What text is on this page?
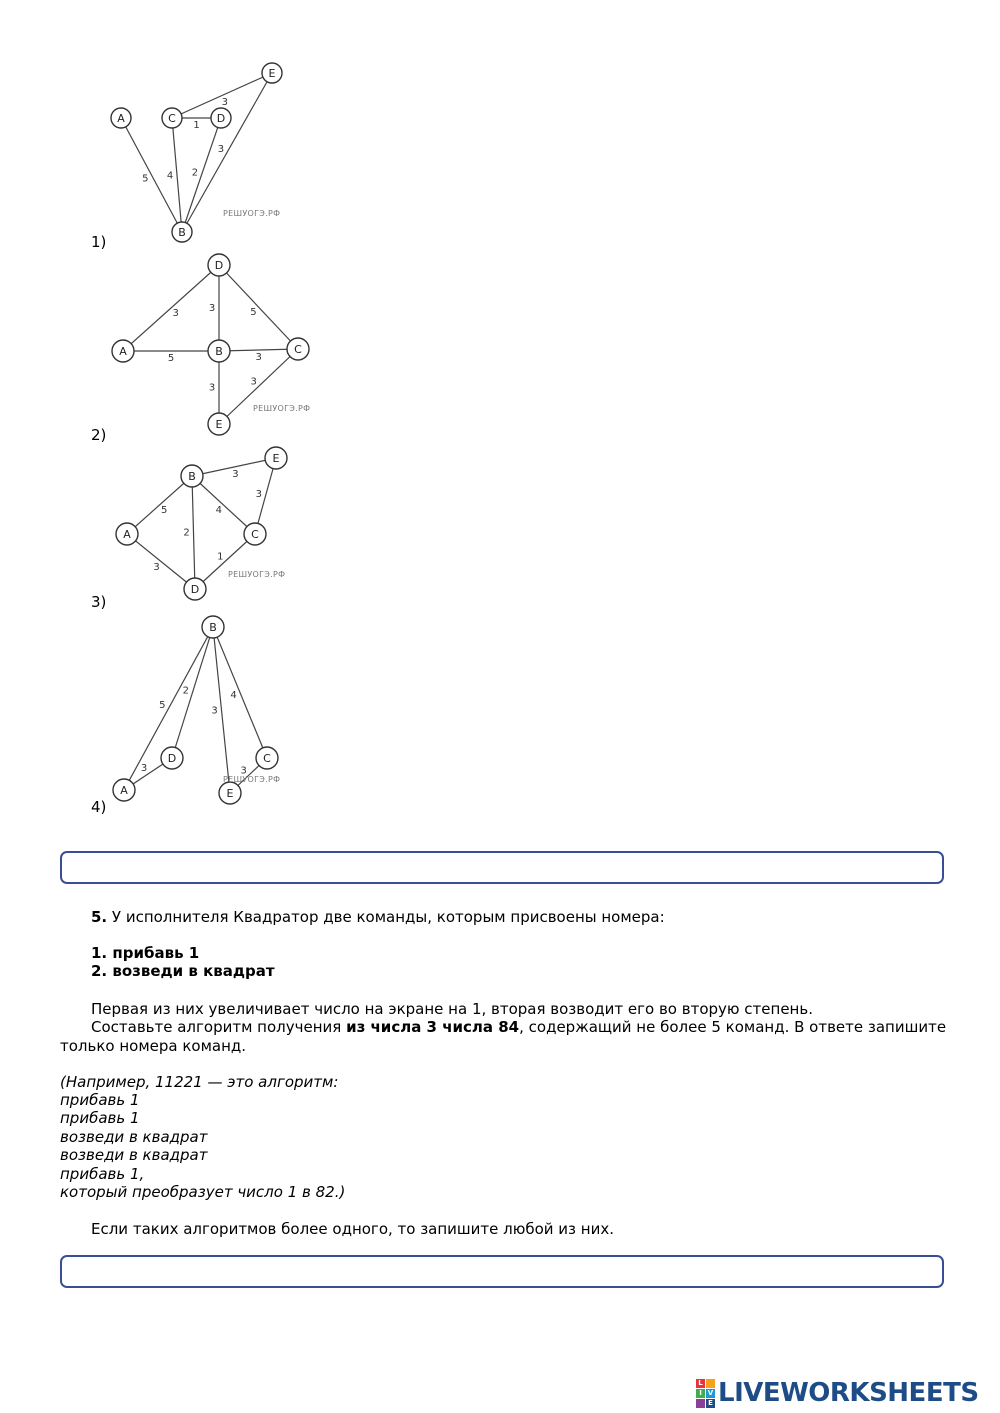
3
1
5 4 2
3
A
B
C	D
E
РЕШУОГЭ.РФ
1)
3	3	5
5	3
3
3
A	B	C
D
E
РЕШУОГЭ.РФ
2)
3
5	4
3
2
3
1
A
B
C
D
E
РЕШУОГЭ.РФ
3)
5
2
3
4
3	3
A
B
C
D
E
РЕШУОГЭ.РФ
4)
5. У исполнителя Квадратор две команды, которым присвоены номера:
1. прибавь 1
2. возведи в квадрат
Первая из них увеличивает число на экране на 1, вторая возводит его во вторую степень.
Составьте алгоритм получения из числа 3 числа 84, содержащий не более 5 команд. В ответе запишите
только номера команд.
(Например, 11221 — это алгоритм:
прибавь 1
прибавь 1
возведи в квадрат
возведи в квадрат
прибавь 1,
который преобразует число 1 в 82.)
Если таких алгоритмов более одного, то запишите любой из них.
L
I V
E LIVEWORKSHEETS
